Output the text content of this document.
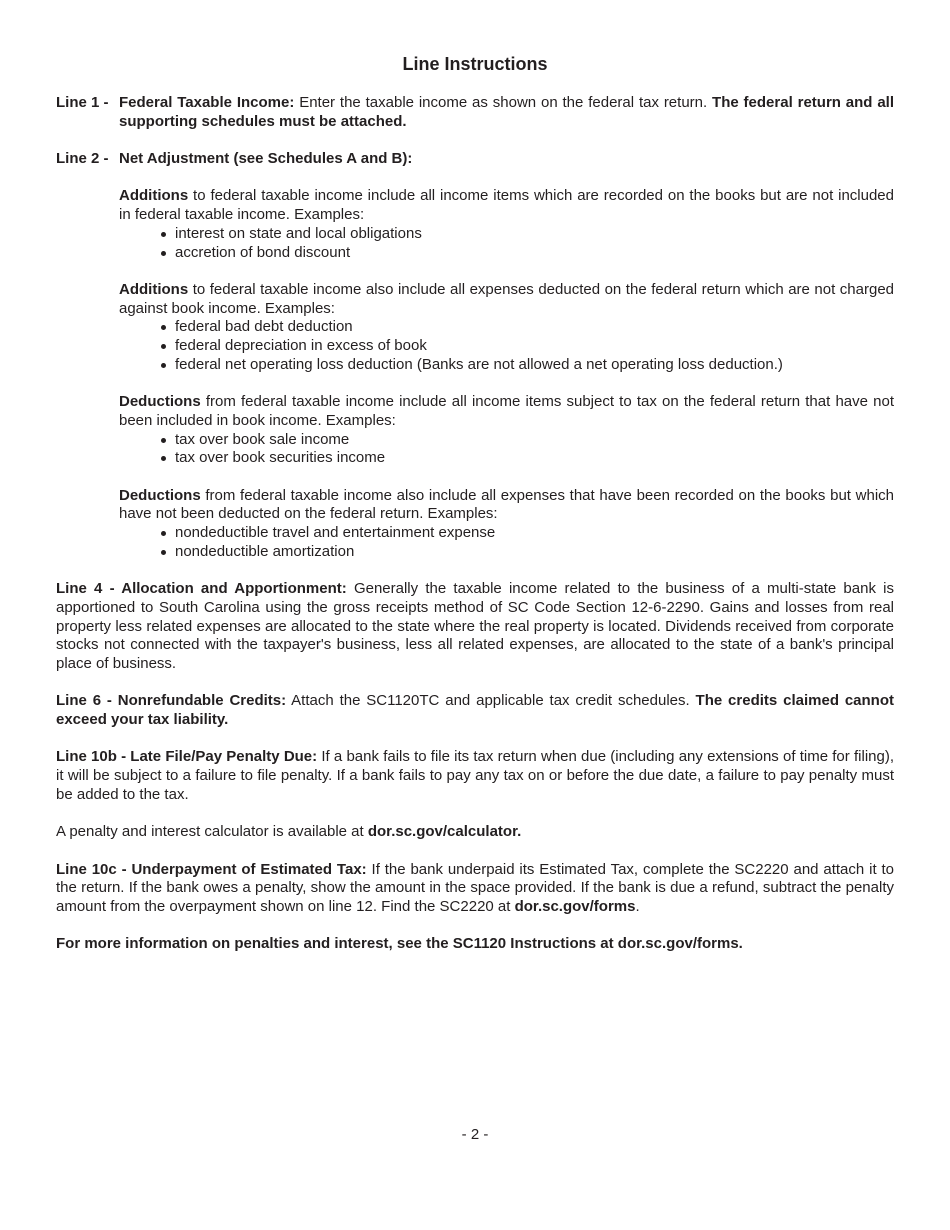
Line Instructions
Line 1 - Federal Taxable Income: Enter the taxable income as shown on the federal tax return. The federal return and all supporting schedules must be attached.
Line 2 - Net Adjustment (see Schedules A and B):
Additions to federal taxable income include all income items which are recorded on the books but are not included in federal taxable income. Examples:
interest on state and local obligations
accretion of bond discount
Additions to federal taxable income also include all expenses deducted on the federal return which are not charged against book income. Examples:
federal bad debt deduction
federal depreciation in excess of book
federal net operating loss deduction (Banks are not allowed a net operating loss deduction.)
Deductions from federal taxable income include all income items subject to tax on the federal return that have not been included in book income. Examples:
tax over book sale income
tax over book securities income
Deductions from federal taxable income also include all expenses that have been recorded on the books but which have not been deducted on the federal return. Examples:
nondeductible travel and entertainment expense
nondeductible amortization
Line 4 - Allocation and Apportionment: Generally the taxable income related to the business of a multi-state bank is apportioned to South Carolina using the gross receipts method of SC Code Section 12-6-2290. Gains and losses from real property less related expenses are allocated to the state where the real property is located. Dividends received from corporate stocks not connected with the taxpayer's business, less all related expenses, are allocated to the state of a bank's principal place of business.
Line 6 - Nonrefundable Credits: Attach the SC1120TC and applicable tax credit schedules. The credits claimed cannot exceed your tax liability.
Line 10b - Late File/Pay Penalty Due: If a bank fails to file its tax return when due (including any extensions of time for filing), it will be subject to a failure to file penalty. If a bank fails to pay any tax on or before the due date, a failure to pay penalty must be added to the tax.
A penalty and interest calculator is available at dor.sc.gov/calculator.
Line 10c - Underpayment of Estimated Tax: If the bank underpaid its Estimated Tax, complete the SC2220 and attach it to the return. If the bank owes a penalty, show the amount in the space provided. If the bank is due a refund, subtract the penalty amount from the overpayment shown on line 12. Find the SC2220 at dor.sc.gov/forms.
For more information on penalties and interest, see the SC1120 Instructions at dor.sc.gov/forms.
- 2 -
